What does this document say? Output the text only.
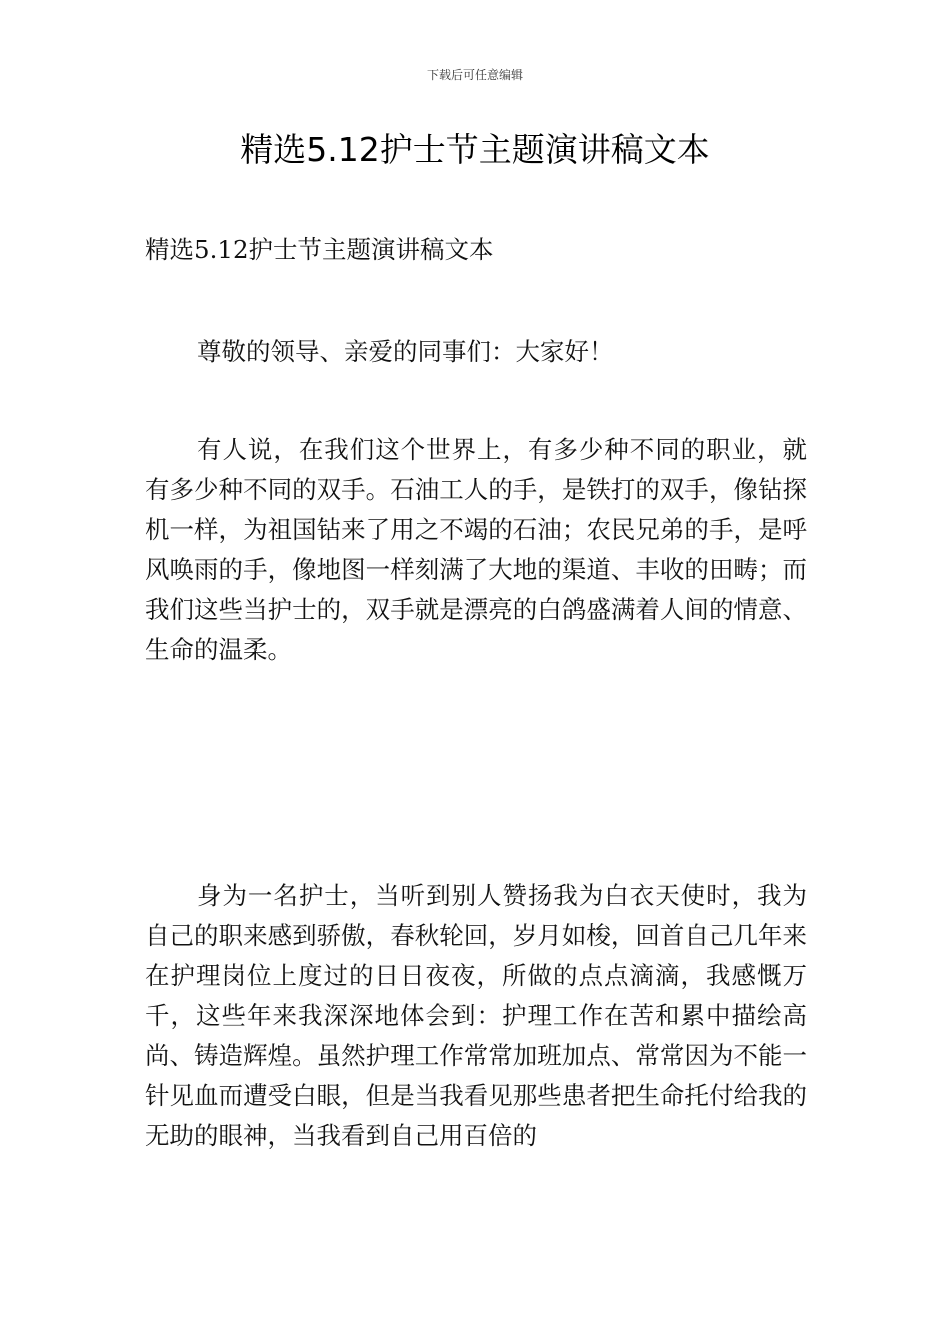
下载后可任意编辑
精选5.12护士节主题演讲稿文本

精选5.12护士节主题演讲稿文本

尊敬的领导、亲爱的同事们：大家好！

有人说，在我们这个世界上，有多少种不同的职业，就有多少种不同的双手。石油工人的手，是铁打的双手，像钻探机一样，为祖国钻来了用之不竭的石油；农民兄弟的手，是呼风唤雨的手，像地图一样刻满了大地的渠道、丰收的田畴；而我们这些当护士的，双手就是漂亮的白鸽盛满着人间的情意、生命的温柔。

身为一名护士，当听到别人赞扬我为白衣天使时，我为自己的职来感到骄傲，春秋轮回，岁月如梭，回首自己几年来在护理岗位上度过的日日夜夜，所做的点点滴滴，我感慨万千，这些年来我深深地体会到：护理工作在苦和累中描绘高尚、铸造辉煌。虽然护理工作常常加班加点、常常因为不能一针见血而遭受白眼，但是当我看见那些患者把生命托付给我的无助的眼神，当我看到自己用百倍的
